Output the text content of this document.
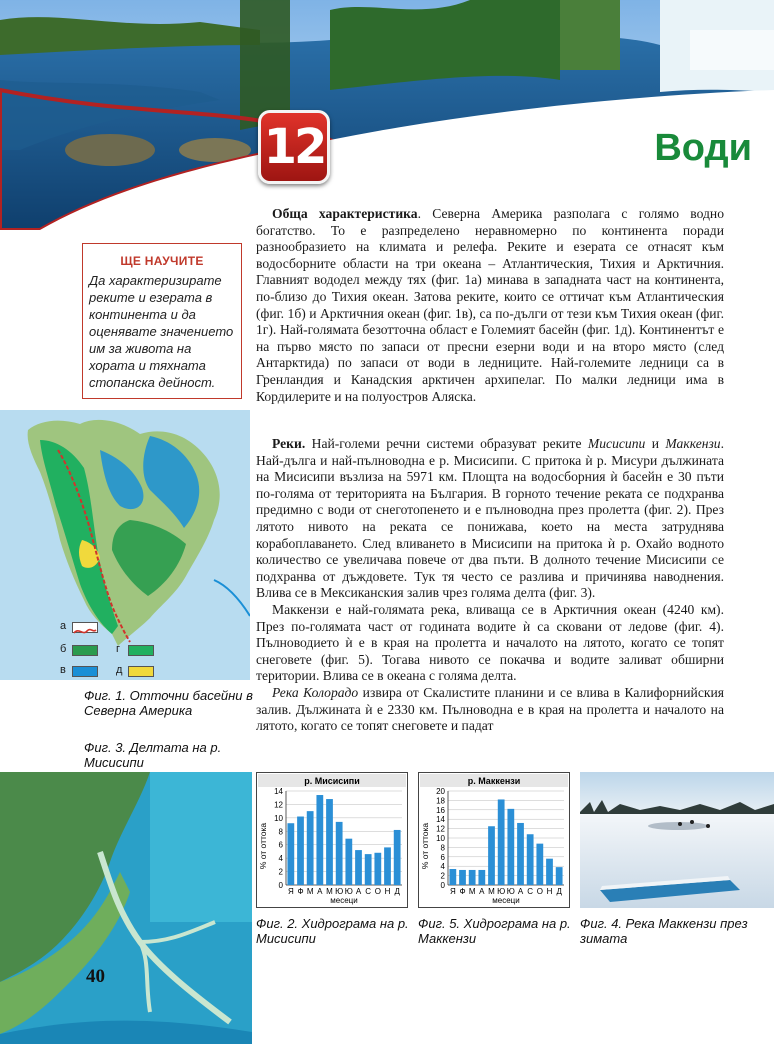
12	Води
ЩЕ НАУЧИТЕ
Да характеризирате реките и езерата в континента и да оценявате значението им за живота на хората и тяхната стопанска дейност.
Обща характеристика. Северна Америка разполага с голямо водно богатство. То е разпределено неравномерно по континента поради разнообразието на климата и релефа. Реките и езерата се отнасят към водосборните области на три океана – Атлантическия, Тихия и Арктичния. Главният вододел между тях (фиг. 1а) минава в западната част на континента, по-близо до Тихия океан. Затова реките, които се оттичат към Атлантическия (фиг. 1б) и Арктичния океан (фиг. 1в), са по-дълги от тези към Тихия океан (фиг. 1г). Най-голямата безотточна област е Големият басейн (фиг. 1д). Континентът е на първо място по запаси от пресни езерни води и на второ място (след Антарктида) по запаси от води в ледниците. Най-големите ледници са в Гренландия и Канадския арктичен архипелаг. По малки ледници има в Кордилерите и на полуостров Аляска.
Реки. Най-големи речни системи образуват реките Мисисипи и Маккензи. Най-дълга и най-пълноводна е р. Мисисипи. С притока ѝ р. Мисури дължината на Мисисипи възлиза на 5971 км. Площта на водосборния ѝ басейн е 30 пъти по-голяма от територията на България. В горното течение реката се подхранва предимно с води от снеготопенето и е пълноводна през пролетта (фиг. 2). През лятото нивото на реката се понижава, което на места затруднява корабоплаването. След вливането в Мисисипи на притока ѝ р. Охайо водното количество се увеличава повече от два пъти. В долното течение Мисисипи се подхранва от дъждовете. Тук тя често се разлива и причинява наводнения. Влива се в Мексиканския залив чрез голяма делта (фиг. 3).
Маккензи е най-голямата река, вливаща се в Арктичния океан (4240 км). През по-голямата част от годината водите ѝ са сковани от ледове (фиг. 4). Пълноводието ѝ е в края на пролетта и началото на лятото, когато се топят снеговете (фиг. 5). Тогава нивото се покачва и водите заливат обширни територии. Влива се в океана с голяма делта.
Река Колорадо извира от Скалистите планини и се влива в Калифорнийския залив. Дължината ѝ е 2330 км. Пълноводна е в края на пролетта и началото на лятото, когато се топят снеговете и падат
а
б
в
г
д
Фиг. 1. Отточни басейни в Северна Америка
Фиг. 3. Делтата на р. Мисисипи
40
р. Мисисипи
% от оттока
0
2
4
6
8
10
12
14
Я Ф М А М Ю Ю А С О Н Д
месеци
р. Маккензи
% от оттока
0
2
4
6
8
10
12
14
16
18
20
Я Ф М А М Ю Ю А С О Н Д
месеци
Фиг. 2. Хидрограма на р. Мисисипи
Фиг. 5. Хидрограма на р. Маккензи
Фиг. 4. Река Маккензи през зимата
